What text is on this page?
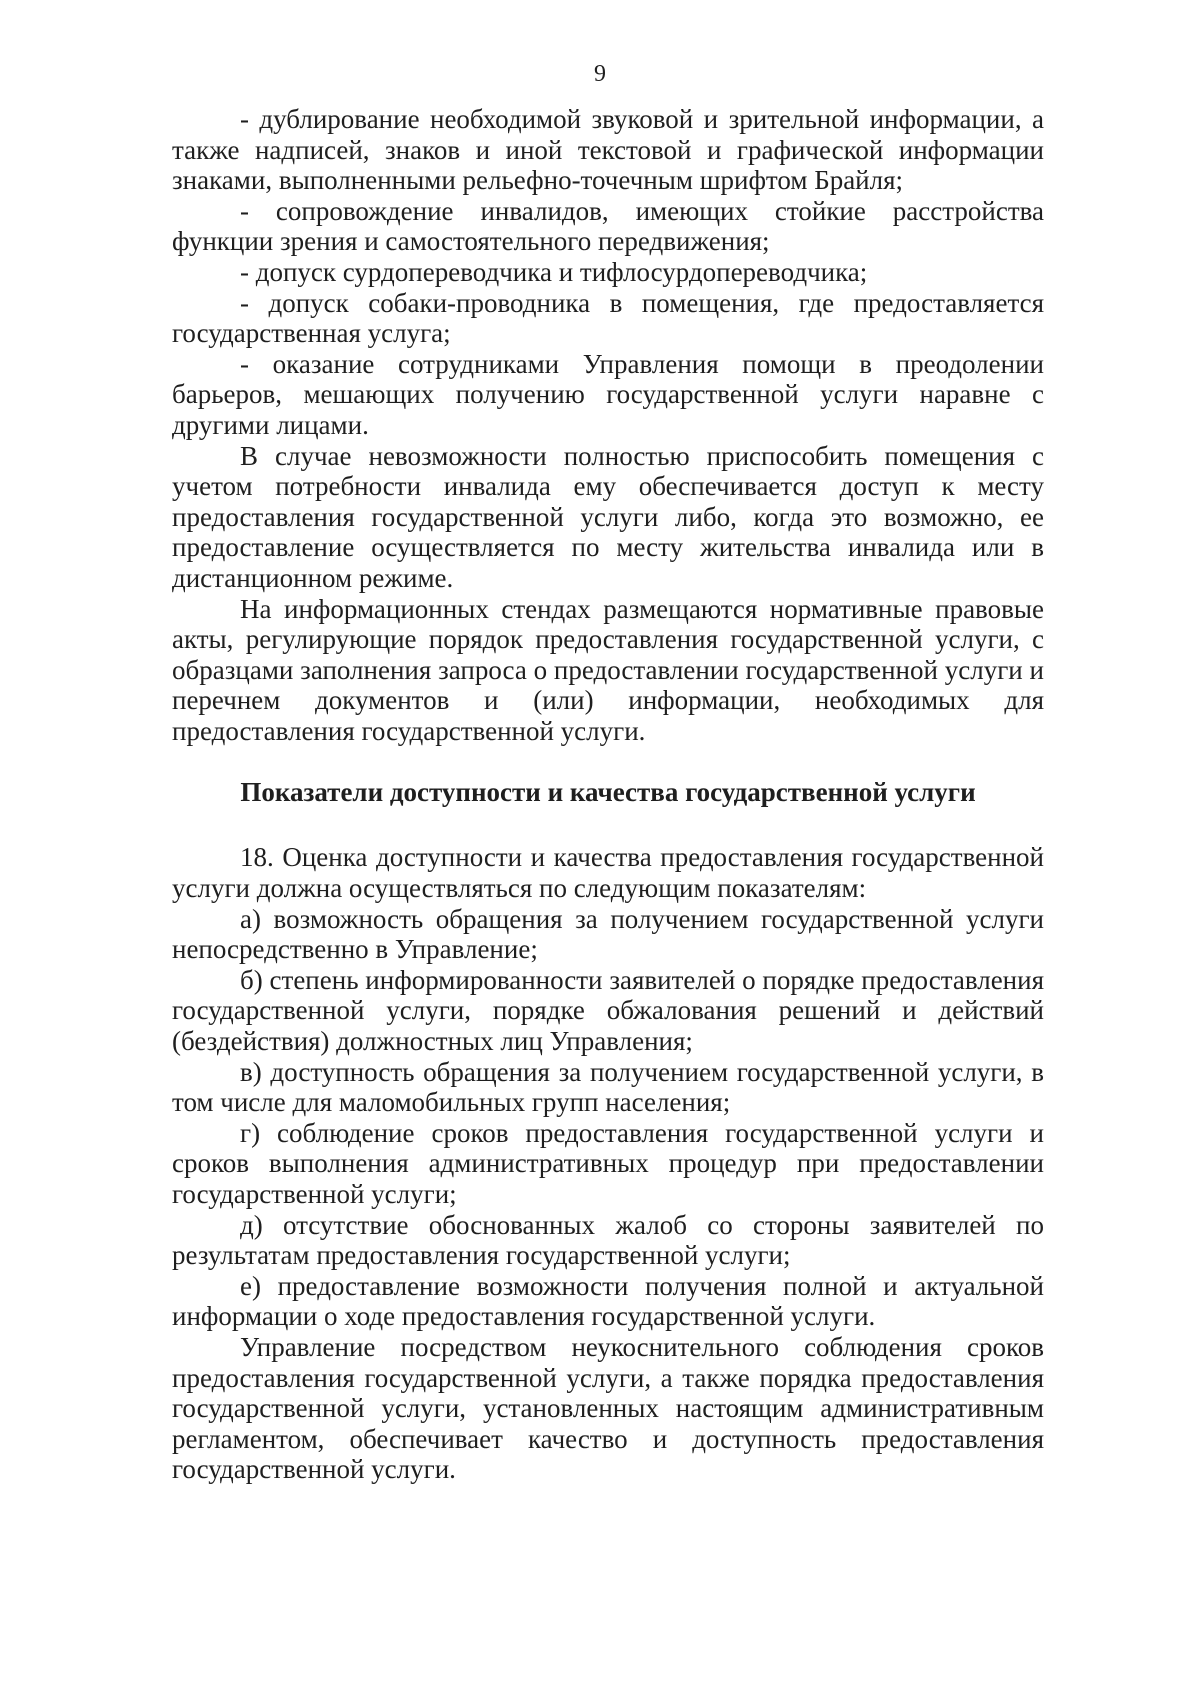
9

- дублирование необходимой звуковой и зрительной информации, а также надписей, знаков и иной текстовой и графической информации знаками, выполненными рельефно-точечным шрифтом Брайля;

- сопровождение инвалидов, имеющих стойкие расстройства функции зрения и самостоятельного передвижения;

- допуск сурдопереводчика и тифлосурдопереводчика;

- допуск собаки-проводника в помещения, где предоставляется государственная услуга;

- оказание сотрудниками Управления помощи в преодолении барьеров, мешающих получению государственной услуги наравне с другими лицами.

В случае невозможности полностью приспособить помещения с учетом потребности инвалида ему обеспечивается доступ к месту предоставления государственной услуги либо, когда это возможно, ее предоставление осуществляется по месту жительства инвалида или в дистанционном режиме.

На информационных стендах размещаются нормативные правовые акты, регулирующие порядок предоставления государственной услуги, с образцами заполнения запроса о предоставлении государственной услуги и перечнем документов и (или) информации, необходимых для предоставления государственной услуги.

Показатели доступности и качества государственной услуги

18. Оценка доступности и качества предоставления государственной услуги должна осуществляться по следующим показателям:

а) возможность обращения за получением государственной услуги непосредственно в Управление;

б) степень информированности заявителей о порядке предоставления государственной услуги, порядке обжалования решений и действий (бездействия) должностных лиц Управления;

в) доступность обращения за получением государственной услуги, в том числе для маломобильных групп населения;

г) соблюдение сроков предоставления государственной услуги и сроков выполнения административных процедур при предоставлении государственной услуги;

д) отсутствие обоснованных жалоб со стороны заявителей по результатам предоставления государственной услуги;

е) предоставление возможности получения полной и актуальной информации о ходе предоставления государственной услуги.

Управление посредством неукоснительного соблюдения сроков предоставления государственной услуги, а также порядка предоставления государственной услуги, установленных настоящим административным регламентом, обеспечивает качество и доступность предоставления государственной услуги.
